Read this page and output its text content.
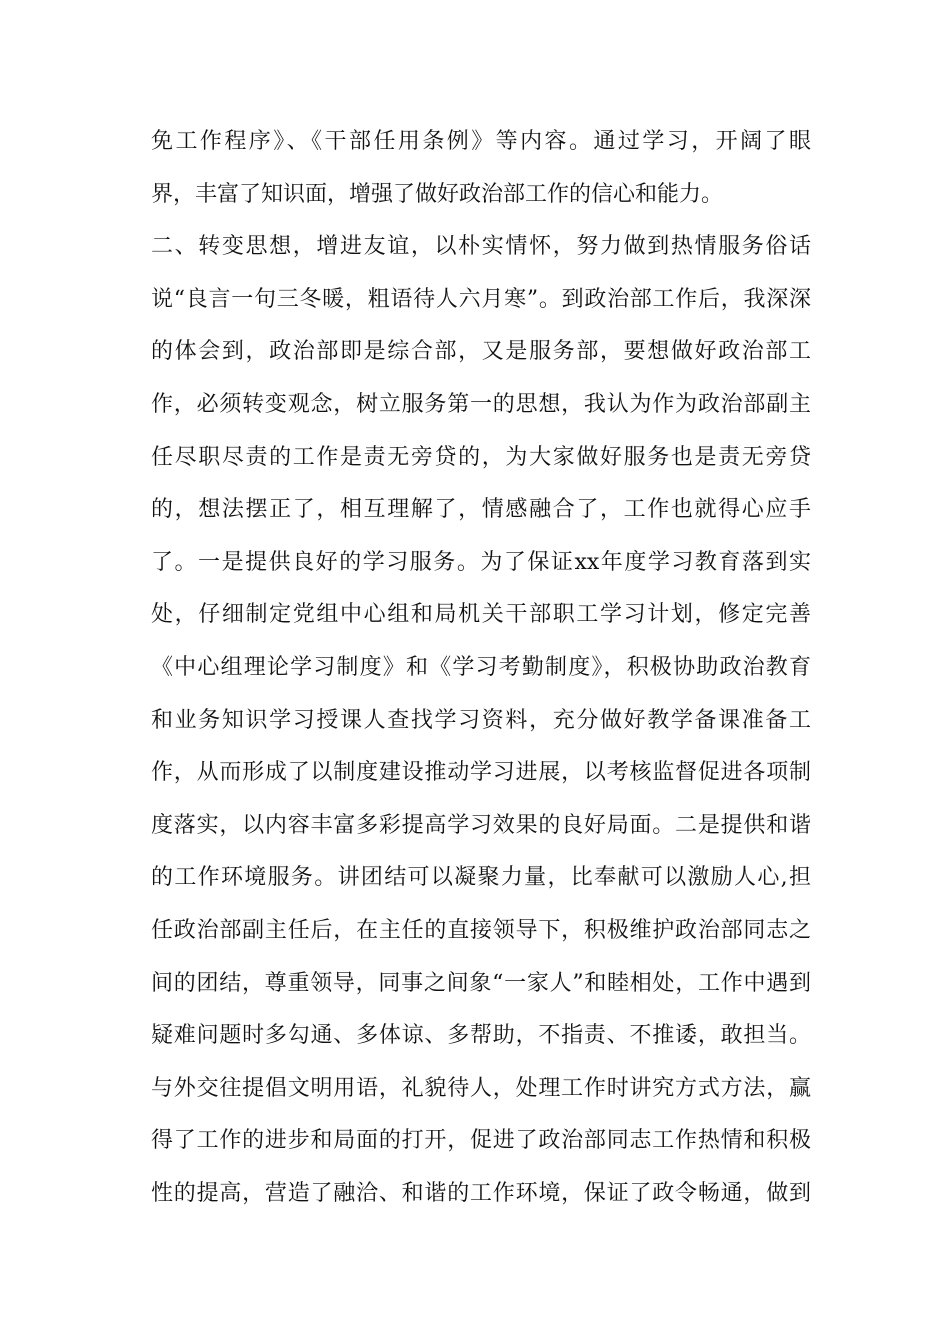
免工作程序》、《干部任用条例》等内容。通过学习，开阔了眼
界，丰富了知识面，增强了做好政治部工作的信心和能力。
二、转变思想，增进友谊，以朴实情怀，努力做到热情服务俗话
说“良言一句三冬暖，粗语待人六月寒”。到政治部工作后，我深深
的体会到，政治部即是综合部，又是服务部，要想做好政治部工
作，必须转变观念，树立服务第一的思想，我认为作为政治部副主
任尽职尽责的工作是责无旁贷的，为大家做好服务也是责无旁贷
的，想法摆正了，相互理解了，情感融合了，工作也就得心应手
了。一是提供良好的学习服务。为了保证xx年度学习教育落到实
处，仔细制定党组中心组和局机关干部职工学习计划，修定完善
《中心组理论学习制度》和《学习考勤制度》，积极协助政治教育
和业务知识学习授课人查找学习资料，充分做好教学备课准备工
作，从而形成了以制度建设推动学习进展，以考核监督促进各项制
度落实，以内容丰富多彩提高学习效果的良好局面。二是提供和谐
的工作环境服务。讲团结可以凝聚力量，比奉献可以激励人心,担
任政治部副主任后，在主任的直接领导下，积极维护政治部同志之
间的团结，尊重领导，同事之间象“一家人”和睦相处，工作中遇到
疑难问题时多勾通、多体谅、多帮助，不指责、不推诿，敢担当。
与外交往提倡文明用语，礼貌待人，处理工作时讲究方式方法，赢
得了工作的进步和局面的打开，促进了政治部同志工作热情和积极
性的提高，营造了融洽、和谐的工作环境，保证了政令畅通，做到
